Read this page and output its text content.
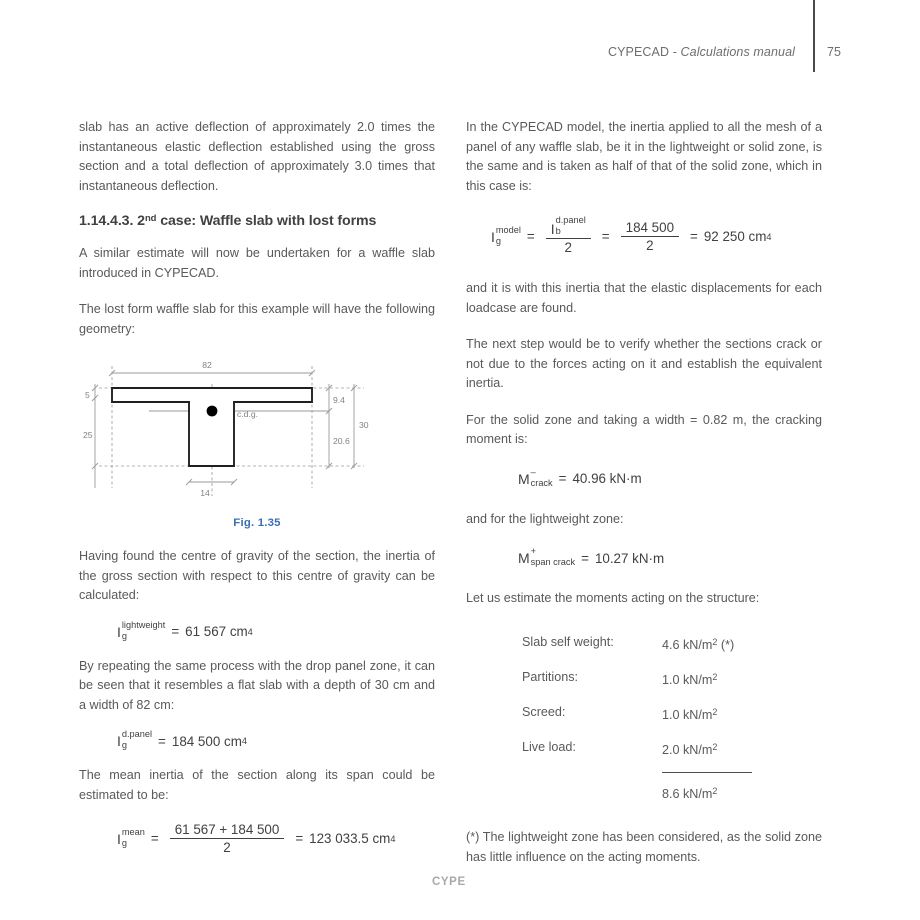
CYPECAD - Calculations manual	75

slab has an active deflection of approximately 2.0 times the instantaneous elastic deflection established using the gross section and a total deflection of approximately 3.0 times that instantaneous deflection.

1.14.4.3. 2nd case: Waffle slab with lost forms

A similar estimate will now be undertaken for a waffle slab introduced in CYPECAD.

The lost form waffle slab for this example will have the following geometry:

82
5
25
14
9.4
20.6
30
c.d.g.
Fig. 1.35

Having found the centre of gravity of the section, the inertia of the gross section with respect to this centre of gravity can be calculated:

I lightweight
g	= 61 567 cm 4

By repeating the same process with the drop panel zone, it can be seen that it resembles a flat slab with a depth of 30 cm and a width of 82 cm:

I d.panel
g	= 184 500 cm 4

The mean inertia of the section along its span could be estimated to be:

I mean
g	= $\frac{61 567 + 184 500}{2} = 123$ 033.5 cm 4

In the CYPECAD model, the inertia applied to all the mesh of a panel of any waffle slab, be it in the lightweight or solid zone, is the same and is taken as half of that of the solid zone, which in this case is:

I model
g	= I
d.panel
b
$2 = \frac{184 500}{2} = 92$ 250 cm 4

and it is with this inertia that the elastic displacements for each loadcase are found.

The next step would be to verify whether the sections crack or not due to the forces acting on it and establish the equivalent inertia.

For the solid zone and taking a width = 0.82 m, the cracking moment is:

M –
crack = 40.96 kN·m

and for the lightweight zone:

M +
span crack = 10.27 kN·m

Let us estimate the moments acting on the structure:

Slab self weight:	4.6 $kN/m^2$ (*)
Partitions:	1.0 $kN/m^2$
Screed:	1.0 $kN/m^2$
Live load:	2.0 $kN/m^2$
8.6 $kN/m^2$

(*) The lightweight zone has been considered, as the solid zone has little influence on the acting moments.

CYPE
